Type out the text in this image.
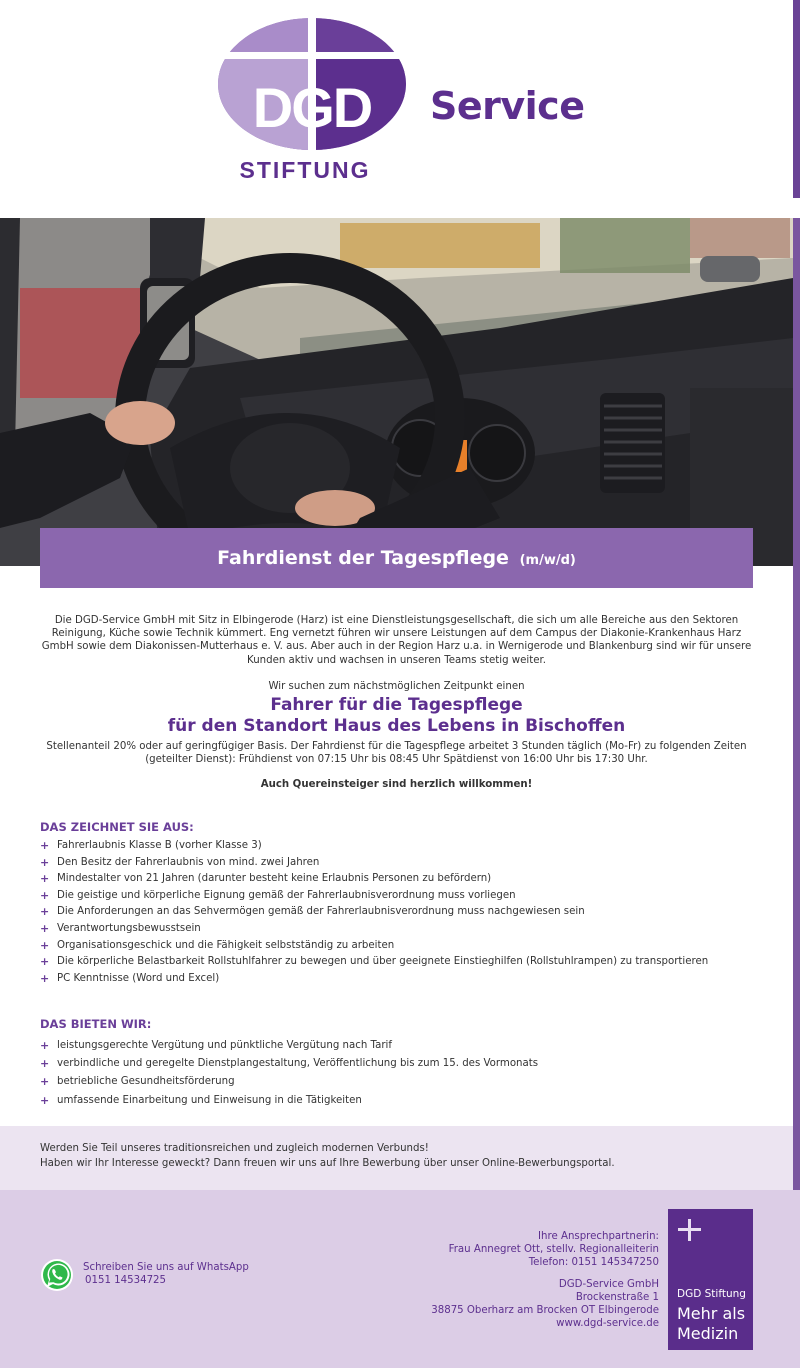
DGD
STIFTUNG
Service
Fahrdienst der Tagespflege (m/w/d)

Die DGD-Service GmbH mit Sitz in Elbingerode (Harz) ist eine Dienstleistungsgesellschaft, die sich um alle Bereiche aus den Sektoren Reinigung, Küche sowie Technik kümmert. Eng vernetzt führen wir unsere Leistungen auf dem Campus der Diakonie-Krankenhaus Harz GmbH sowie dem Diakonissen-Mutterhaus e. V. aus. Aber auch in der Region Harz u.a. in Wernigerode und Blankenburg sind wir für unsere Kunden aktiv und wachsen in unseren Teams stetig weiter.

Wir suchen zum nächstmöglichen Zeitpunkt einen

Fahrer für die Tagespflege

für den Standort Haus des Lebens in Bischoffen

Stellenanteil 20% oder auf geringfügiger Basis. Der Fahrdienst für die Tagespflege arbeitet 3 Stunden täglich (Mo-Fr) zu folgenden Zeiten (geteilter Dienst): Frühdienst von 07:15 Uhr bis 08:45 Uhr Spätdienst von 16:00 Uhr bis 17:30 Uhr.

Auch Quereinsteiger sind herzlich willkommen!

DAS ZEICHNET SIE AUS:
+ Fahrerlaubnis Klasse B (vorher Klasse 3)
+ Den Besitz der Fahrerlaubnis von mind. zwei Jahren
+ Mindestalter von 21 Jahren (darunter besteht keine Erlaubnis Personen zu befördern)
+ Die geistige und körperliche Eignung gemäß der Fahrerlaubnisverordnung muss vorliegen
+ Die Anforderungen an das Sehvermögen gemäß der Fahrerlaubnisverordnung muss nachgewiesen sein
+ Verantwortungsbewusstsein
+ Organisationsgeschick und die Fähigkeit selbstständig zu arbeiten
+ Die körperliche Belastbarkeit Rollstuhlfahrer zu bewegen und über geeignete Einstieghilfen (Rollstuhlrampen) zu transportieren
+ PC Kenntnisse (Word und Excel)
DAS BIETEN WIR:
+ leistungsgerechte Vergütung und pünktliche Vergütung nach Tarif
+ verbindliche und geregelte Dienstplangestaltung, Veröffentlichung bis zum 15. des Vormonats
+ betriebliche Gesundheitsförderung
+ umfassende Einarbeitung und Einweisung in die Tätigkeiten

Werden Sie Teil unseres traditionsreichen und zugleich modernen Verbunds!

Haben wir Ihr Interesse geweckt? Dann freuen wir uns auf Ihre Bewerbung über unser Online-Bewerbungsportal.

Schreiben Sie uns auf WhatsApp
0151 14534725
Ihre Ansprechpartnerin:
Frau Annegret Ott, stellv. Regionalleiterin
Telefon: 0151 145347250
DGD-Service GmbH
Brockenstraße 1
38875 Oberharz am Brocken OT Elbingerode
www.dgd-service.de
DGD Stiftung
Mehr als Medizin
